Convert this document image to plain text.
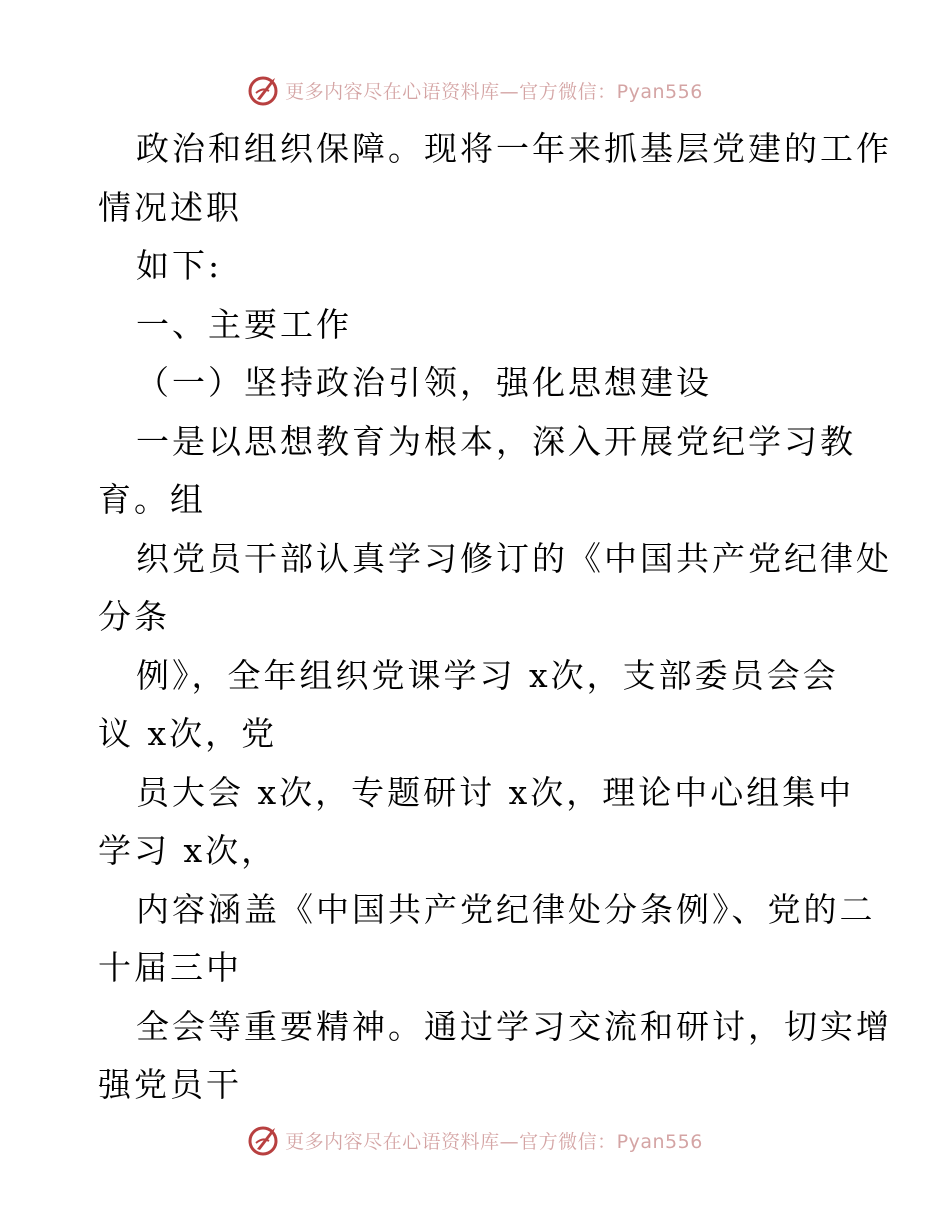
更多内容尽在心语资料库—官方微信：Pyan556

政治和组织保障。现将一年来抓基层党建的工作

情况述职

如下:

一、主要工作

（一）坚持政治引领，强化思想建设

一是以思想教育为根本，深入开展党纪学习教

育。组

织党员干部认真学习修订的《中国共产党纪律处

分条

例》，全年组织党课学习 x次，支部委员会会

议 x次，党

员大会 x次，专题研讨 x次，理论中心组集中

学习 x次，

内容涵盖《中国共产党纪律处分条例》、党的二

十届三中

全会等重要精神。通过学习交流和研讨，切实增

强党员干

更多内容尽在心语资料库—官方微信：Pyan556
